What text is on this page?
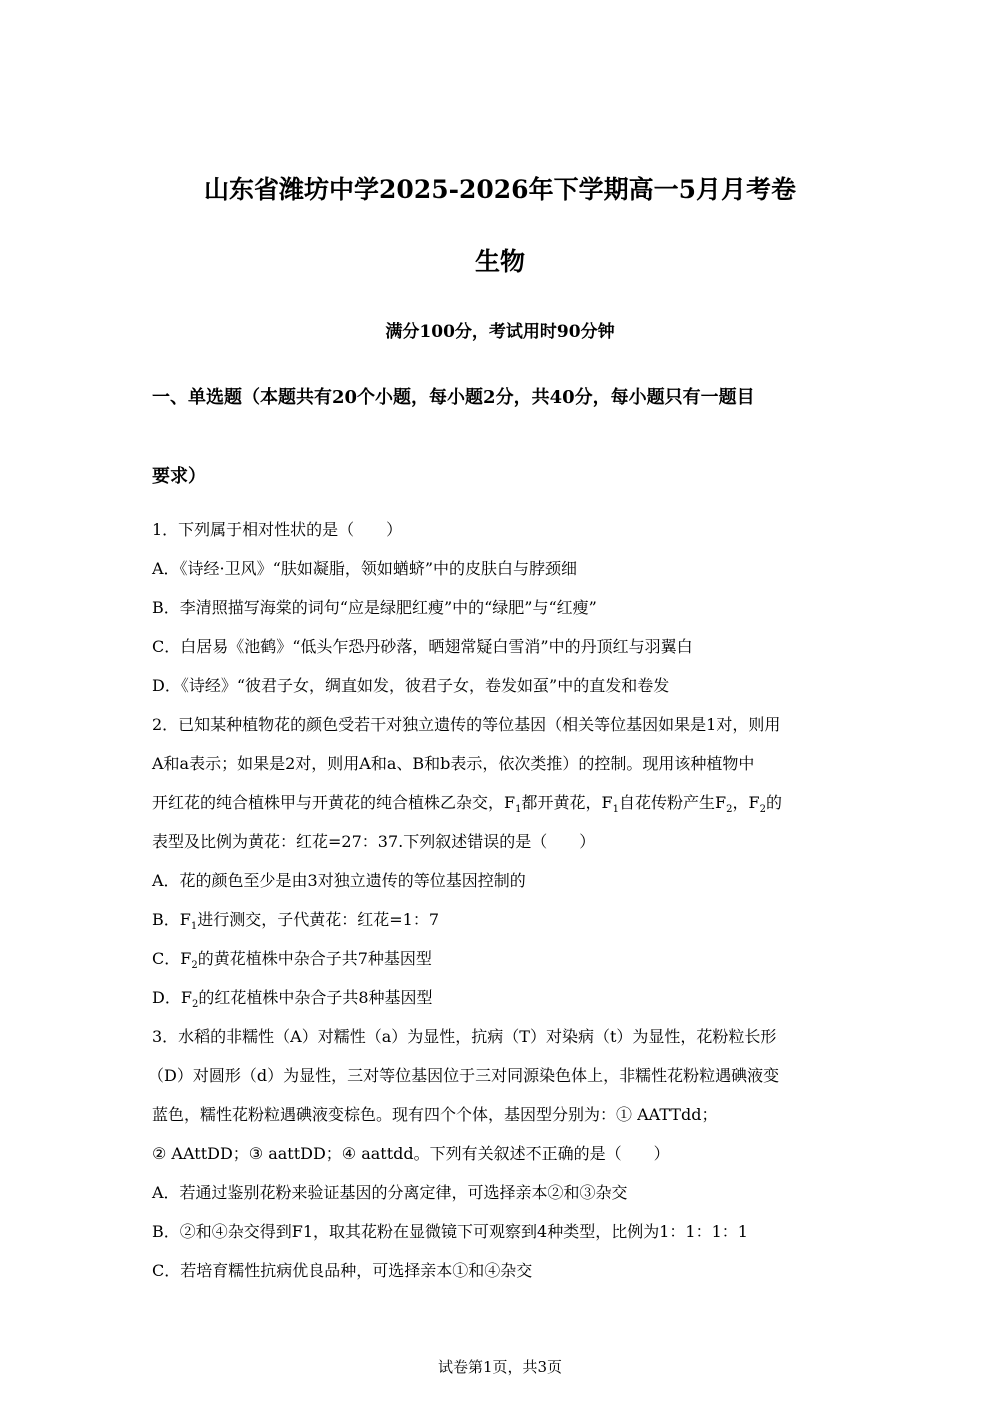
山东省潍坊中学2025-2026年下学期高一5月月考卷
生物
满分100分，考试用时90分钟
一、单选题（本题共有20个小题，每小题2分，共40分，每小题只有一题目
要求）
1．下列属于相对性状的是（　　）
A．《诗经·卫风》“肤如凝脂，领如蝤蛴”中的皮肤白与脖颈细
B．李清照描写海棠的词句“应是绿肥红瘦”中的“绿肥”与“红瘦”
C．白居易《池鹤》“低头乍恐丹砂落，晒翅常疑白雪消”中的丹顶红与羽翼白
D．《诗经》“彼君子女，绸直如发，彼君子女，卷发如虿”中的直发和卷发
2．已知某种植物花的颜色受若干对独立遗传的等位基因（相关等位基因如果是1对，则用
A和a表示；如果是2对，则用A和a、B和b表示，依次类推）的控制。现用该种植物中
开红花的纯合植株甲与开黄花的纯合植株乙杂交，$F_1$都开黄花，$F_1$自花传粉产生$F_2$，$F_2$的
表型及比例为黄花：红花=27：37.下列叙述错误的是（　　）
A．花的颜色至少是由3对独立遗传的等位基因控制的
B．$F_1$进行测交，子代黄花：红花=1：7
C．$F_2$的黄花植株中杂合子共7种基因型
D．$F_2$的红花植株中杂合子共8种基因型
3．水稻的非糯性（A）对糯性（a）为显性，抗病（T）对染病（t）为显性，花粉粒长形
（D）对圆形（d）为显性，三对等位基因位于三对同源染色体上，非糯性花粉粒遇碘液变
蓝色，糯性花粉粒遇碘液变棕色。现有四个个体，基因型分别为：① AATTdd；
② AAttDD；③ aattDD；④ aattdd。下列有关叙述不正确的是（　　）
A．若通过鉴别花粉来验证基因的分离定律，可选择亲本②和③杂交
B．②和④杂交得到F1，取其花粉在显微镜下可观察到4种类型，比例为1：1：1：1
C．若培育糯性抗病优良品种，可选择亲本①和④杂交
试卷第1页，共3页
